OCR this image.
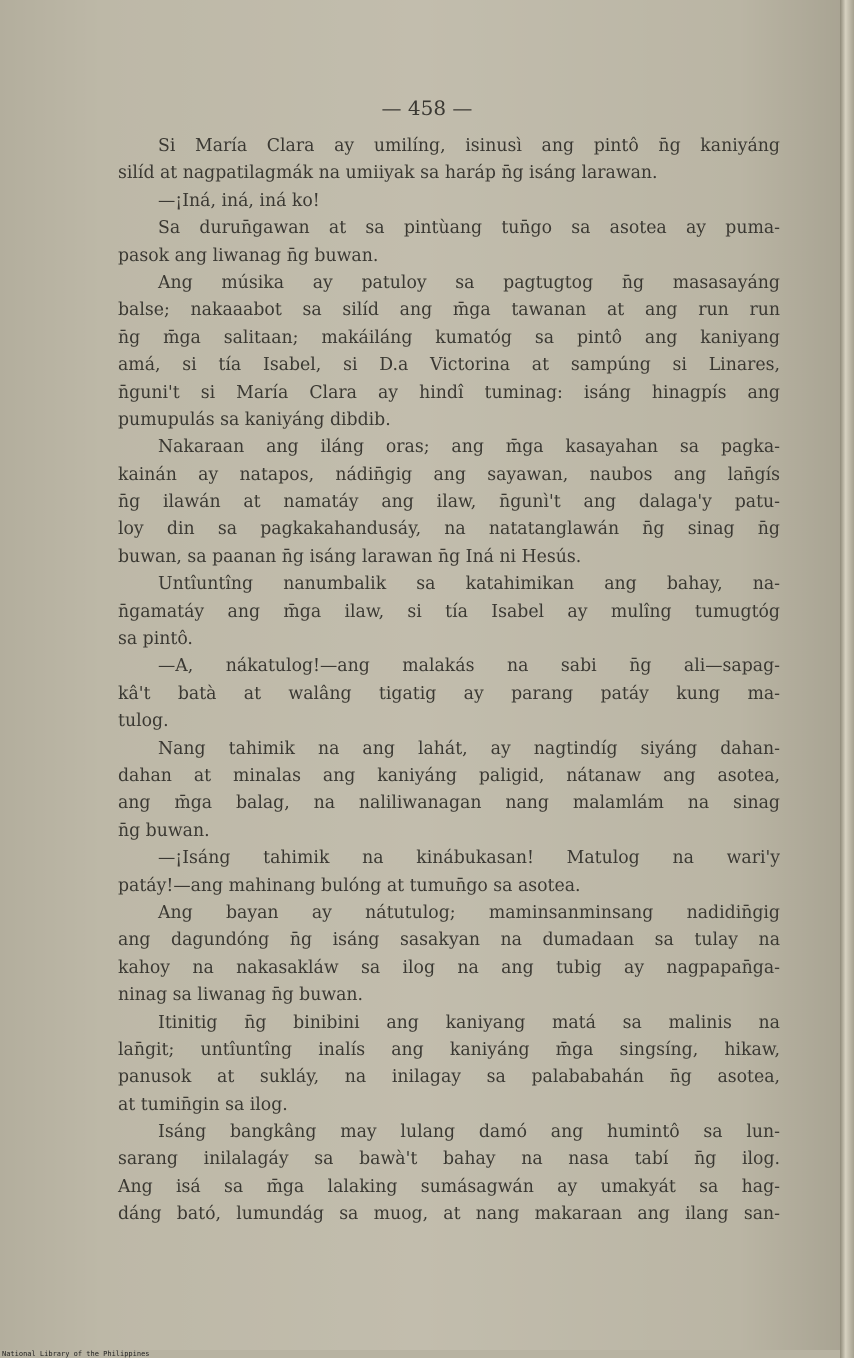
— 458 —
Si María Clara ay umilíng, isinusì ang pintô n̄g kaniyáng
silíd at nagpatilagmák na umiiyak sa haráp n̄g isáng larawan.
—¡Iná, iná, iná ko!
Sa durun̄gawan at sa pintùang tun̄go sa asotea ay puma-
pasok ang liwanag n̄g buwan.
Ang músika ay patuloy sa pagtugtog n̄g masasayáng
balse; nakaaabot sa silíd ang m̄ga tawanan at ang run run
n̄g m̄ga salitaan; makáiláng kumatóg sa pintô ang kaniyang
amá, si tía Isabel, si D.a Victorina at sampúng si Linares,
n̄guni't si María Clara ay hindî tuminag: isáng hinagpís ang
pumupulás sa kaniyáng dibdib.
Nakaraan ang iláng oras; ang m̄ga kasayahan sa pagka-
kainán ay natapos, nádin̄gig ang sayawan, naubos ang lan̄gís
n̄g ilawán at namatáy ang ilaw, n̄gunì't ang dalaga'y patu-
loy din sa pagkakahandusáy, na natatanglawán n̄g sinag n̄g
buwan, sa paanan n̄g isáng larawan n̄g Iná ni Hesús.
Untîuntîng nanumbalik sa katahimikan ang bahay, na-
n̄gamatáy ang m̄ga ilaw, si tía Isabel ay mulîng tumugtóg
sa pintô.
—A, nákatulog!—ang malakás na sabi n̄g ali—sapag-
kâ't batà at walâng tigatig ay parang patáy kung ma-
tulog.
Nang tahimik na ang lahát, ay nagtindíg siyáng dahan-
dahan at minalas ang kaniyáng paligid, nátanaw ang asotea,
ang m̄ga balag, na naliliwanagan nang malamlám na sinag
n̄g buwan.
—¡Isáng tahimik na kinábukasan! Matulog na wari'y
patáy!—ang mahinang bulóng at tumun̄go sa asotea.
Ang bayan ay nátutulog; maminsanminsang nadidin̄gig
ang dagundóng n̄g isáng sasakyan na dumadaan sa tulay na
kahoy na nakasakláw sa ilog na ang tubig ay nagpapan̄ga-
ninag sa liwanag n̄g buwan.
Itinitig n̄g binibini ang kaniyang matá sa malinis na
lan̄git; untîuntîng inalís ang kaniyáng m̄ga singsíng, hikaw,
panusok at sukláy, na inilagay sa palababahán n̄g asotea,
at tumin̄gin sa ilog.
Isáng bangkâng may lulang damó ang humintô sa lun-
sarang inilalagáy sa bawà't bahay na nasa tabí n̄g ilog.
Ang isá sa m̄ga lalaking sumásagwán ay umakyát sa hag-
dáng bató, lumundág sa muog, at nang makaraan ang ilang san-
National Library of the Philippines
